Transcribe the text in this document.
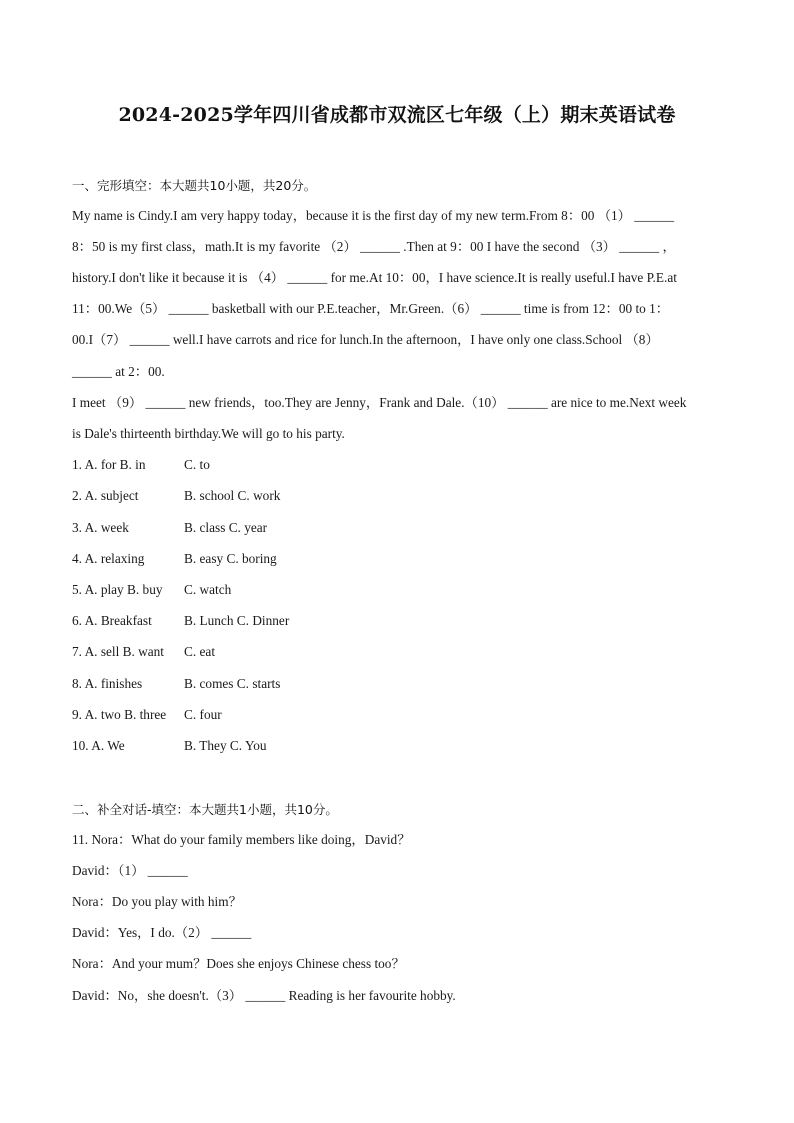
2024-2025学年四川省成都市双流区七年级（上）期末英语试卷
一、完形填空：本大题共10小题，共20分。
My name is Cindy.I am very happy today，because it is the first day of my new term.From 8：00 （1） ______
8：50 is my first class，math.It is my favorite （2） ______ .Then at 9：00 I have the second （3） ______ ，
history.I don't like it because it is （4） ______ for me.At 10：00，I have science.It is really useful.I have P.E.at
11：00.We（5） ______ basketball with our P.E.teacher，Mr.Green.（6） ______ time is from 12：00 to 1：
00.I（7） ______ well.I have carrots and rice for lunch.In the afternoon，I have only one class.School （8）
______ at 2：00.
I meet （9） ______ new friends，too.They are Jenny，Frank and Dale.（10） ______ are nice to me.Next week
is Dale's thirteenth birthday.We will go to his party.
1. A. for B. in	C. to
2. A. subject	B. school C. work
3. A. week	B. class C. year
4. A. relaxing	B. easy C. boring
5. A. play B. buy C. watch
6. A. Breakfast B. Lunch C. Dinner
7. A. sell B. want C. eat
8. A. finishes	B. comes C. starts
9. A. two B. three C. four
10. A. We	B. They C. You
二、补全对话-填空：本大题共1小题，共10分。
11. Nora：What do your family members like doing，David？
David：（1） ______
Nora：Do you play with him？
David：Yes，I do.（2） ______
Nora：And your mum？Does she enjoys Chinese chess too？
David：No，she doesn't.（3） ______ Reading is her favourite hobby.
